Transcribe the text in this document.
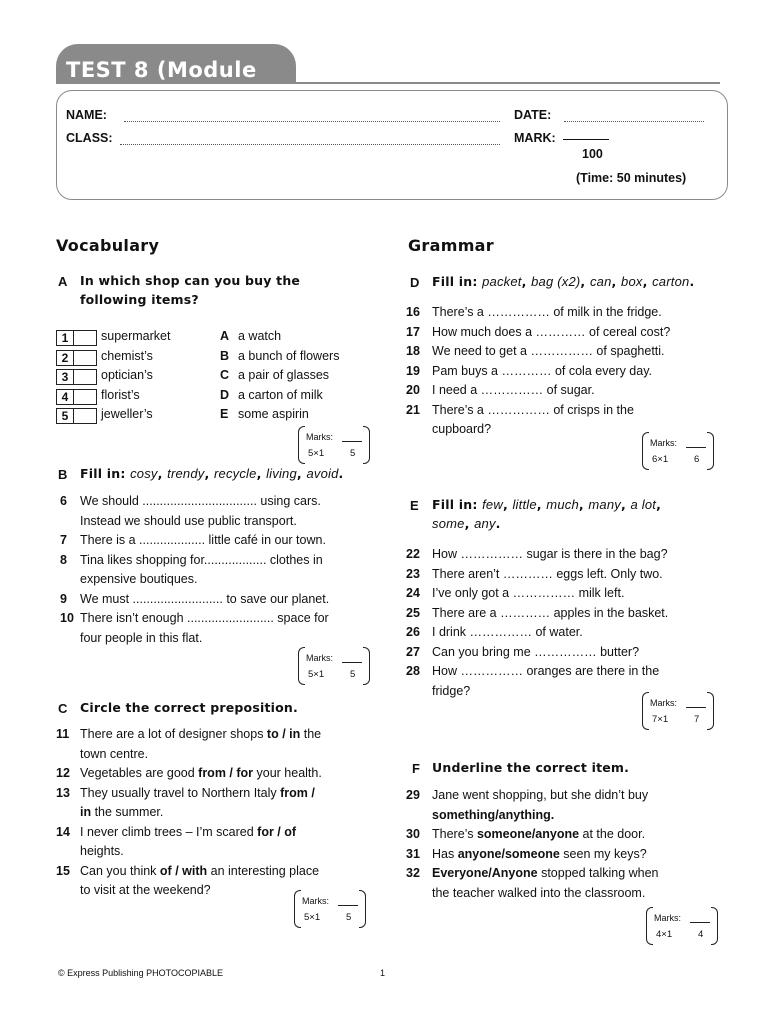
TEST 8 (Module
NAME:	DATE:
CLASS:	MARK:
100
(Time: 50 minutes)
Vocabulary
A In which shop can you buy the
following items?
1	supermarket	A a watch
2	chemist’s	B a bunch of flowers
3	optician’s	C a pair of glasses
4	florist’s	D a carton of milk
5	jeweller’s	E some aspirin
Marks:
5×1	5
B Fill in: cosy, trendy, recycle, living, avoid.
6 We should ................................. using cars.
Instead we should use public transport.
7 There is a ................... little café in our town.
8 Tina likes shopping for.................. clothes in
expensive boutiques.
9 We must .......................... to save our planet.
10 There isn’t enough ......................... space for
four people in this flat.
Marks:
5×1	5
C Circle the correct preposition.
11 There are a lot of designer shops to / in the
town centre.
12 Vegetables are good from / for your health.
13 They usually travel to Northern Italy from /
in the summer.
14 I never climb trees – I’m scared for / of
heights.
15 Can you think of / with an interesting place
to visit at the weekend?
Marks:
5×1	5
Grammar
D Fill in: packet, bag (x2), can, box, carton.
16 There’s a …………… of milk in the fridge.
17 How much does a ………… of cereal cost?
18 We need to get a …………… of spaghetti.
19 Pam buys a ………… of cola every day.
20 I need a …………… of sugar.
21 There’s a …………… of crisps in the
cupboard?
Marks:
6×1	6
E Fill in: few, little, much, many, a lot,
some, any.
22 How …………… sugar is there in the bag?
23 There aren’t ………… eggs left. Only two.
24 I’ve only got a …………… milk left.
25 There are a ………… apples in the basket.
26 I drink …………… of water.
27 Can you bring me …………… butter?
28 How …………… oranges are there in the
fridge?
Marks:
7×1	7
F Underline the correct item.
29 Jane went shopping, but she didn’t buy
something/anything.
30 There’s someone/anyone at the door.
31 Has anyone/someone seen my keys?
32 Everyone/Anyone stopped talking when
the teacher walked into the classroom.
Marks:
4×1	4
© Express Publishing PHOTOCOPIABLE	1
